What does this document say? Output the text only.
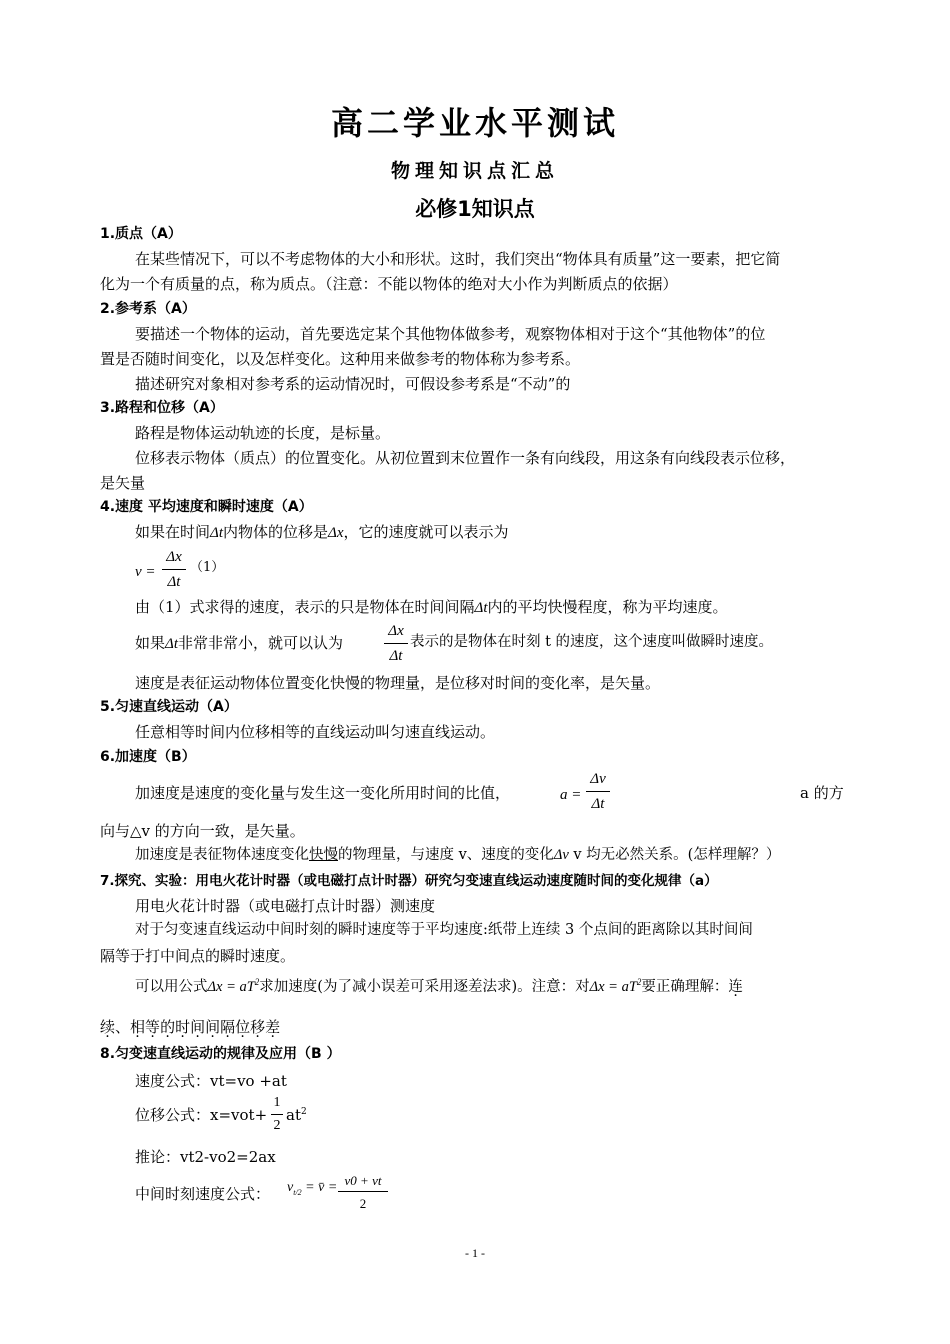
高二学业水平测试
物理知识点汇总
必修1知识点
1.质点（A）
在某些情况下，可以不考虑物体的大小和形状。这时，我们突出“物体具有质量”这一要素，把它简
化为一个有质量的点，称为质点。（注意：不能以物体的绝对大小作为判断质点的依据）
2.参考系（A）
要描述一个物体的运动，首先要选定某个其他物体做参考，观察物体相对于这个“其他物体”的位
置是否随时间变化，以及怎样变化。这种用来做参考的物体称为参考系。
描述研究对象相对参考系的运动情况时，可假设参考系是“不动”的
3.路程和位移（A）
路程是物体运动轨迹的长度，是标量。
位移表示物体（质点）的位置变化。从初位置到末位置作一条有向线段，用这条有向线段表示位移，
是矢量
4.速度 平均速度和瞬时速度（A）
如果在时间Δt内物体的位移是Δx，它的速度就可以表示为
v =
Δx
Δt
（1）
由（1）式求得的速度，表示的只是物体在时间间隔Δt内的平均快慢程度，称为平均速度。
如果Δt非常非常小，就可以认为
Δx
Δt
表示的是物体在时刻 t 的速度，这个速度叫做瞬时速度。
速度是表征运动物体位置变化快慢的物理量，是位移对时间的变化率，是矢量。
5.匀速直线运动（A）
任意相等时间内位移相等的直线运动叫匀速直线运动。
6.加速度（B）
加速度是速度的变化量与发生这一变化所用时间的比值，	a =
Δv
Δt
a 的方
向与△v 的方向一致，是矢量。
加速度是表征物体速度变化快慢的物理量，与速度 v、速度的变化Δv v 均无必然关系。(怎样理解？）
7.探究、实验：用电火花计时器（或电磁打点计时器）研究匀变速直线运动速度随时间的变化规律（a）
用电火花计时器（或电磁打点计时器）测速度
对于匀变速直线运动中间时刻的瞬时速度等于平均速度:纸带上连续 3 个点间的距离除以其时间间
隔等于打中间点的瞬时速度。
可以用公式$\Delta x = aT^2$求加速度(为了减小误差可采用逐差法求)。注意：对$\Delta x = aT^2$要正确理解：连
续、相等的时间间隔位移差
8.匀变速直线运动的规律及应用（B ）
速度公式：vt=vo +at
位移公式：x=vot+
1
2
$at^2$
推论：vt2-vo2=2ax
中间时刻速度公式： $v_{t/2}$ = v̄ = v0 + vt
2
- 1 -
